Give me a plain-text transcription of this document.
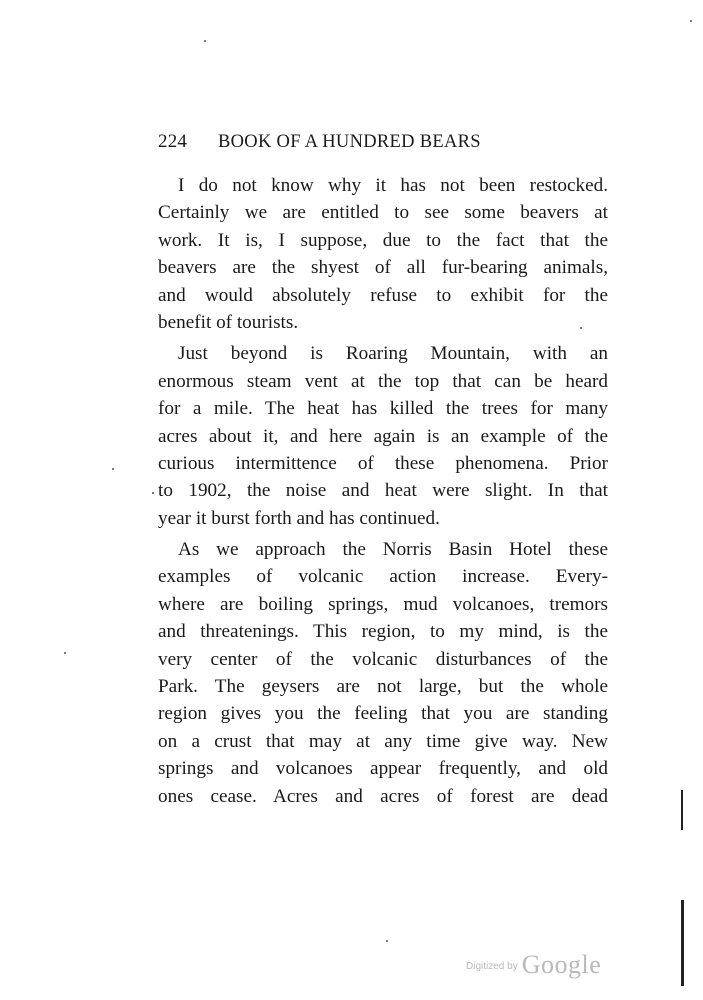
224 BOOK OF A HUNDRED BEARS
I do not know why it has not been restocked.
Certainly we are entitled to see some beavers at
work. It is, I suppose, due to the fact that the
beavers are the shyest of all fur-bearing animals,
and would absolutely refuse to exhibit for the
benefit of tourists.
Just beyond is Roaring Mountain, with an
enormous steam vent at the top that can be heard
for a mile. The heat has killed the trees for many
acres about it, and here again is an example of the
curious intermittence of these phenomena. Prior
to 1902, the noise and heat were slight. In that
year it burst forth and has continued.
As we approach the Norris Basin Hotel these
examples of volcanic action increase. Every-
where are boiling springs, mud volcanoes, tremors
and threatenings. This region, to my mind, is the
very center of the volcanic disturbances of the
Park. The geysers are not large, but the whole
region gives you the feeling that you are standing
on a crust that may at any time give way. New
springs and volcanoes appear frequently, and old
ones cease. Acres and acres of forest are dead
$^{Digitized by}$ Google
